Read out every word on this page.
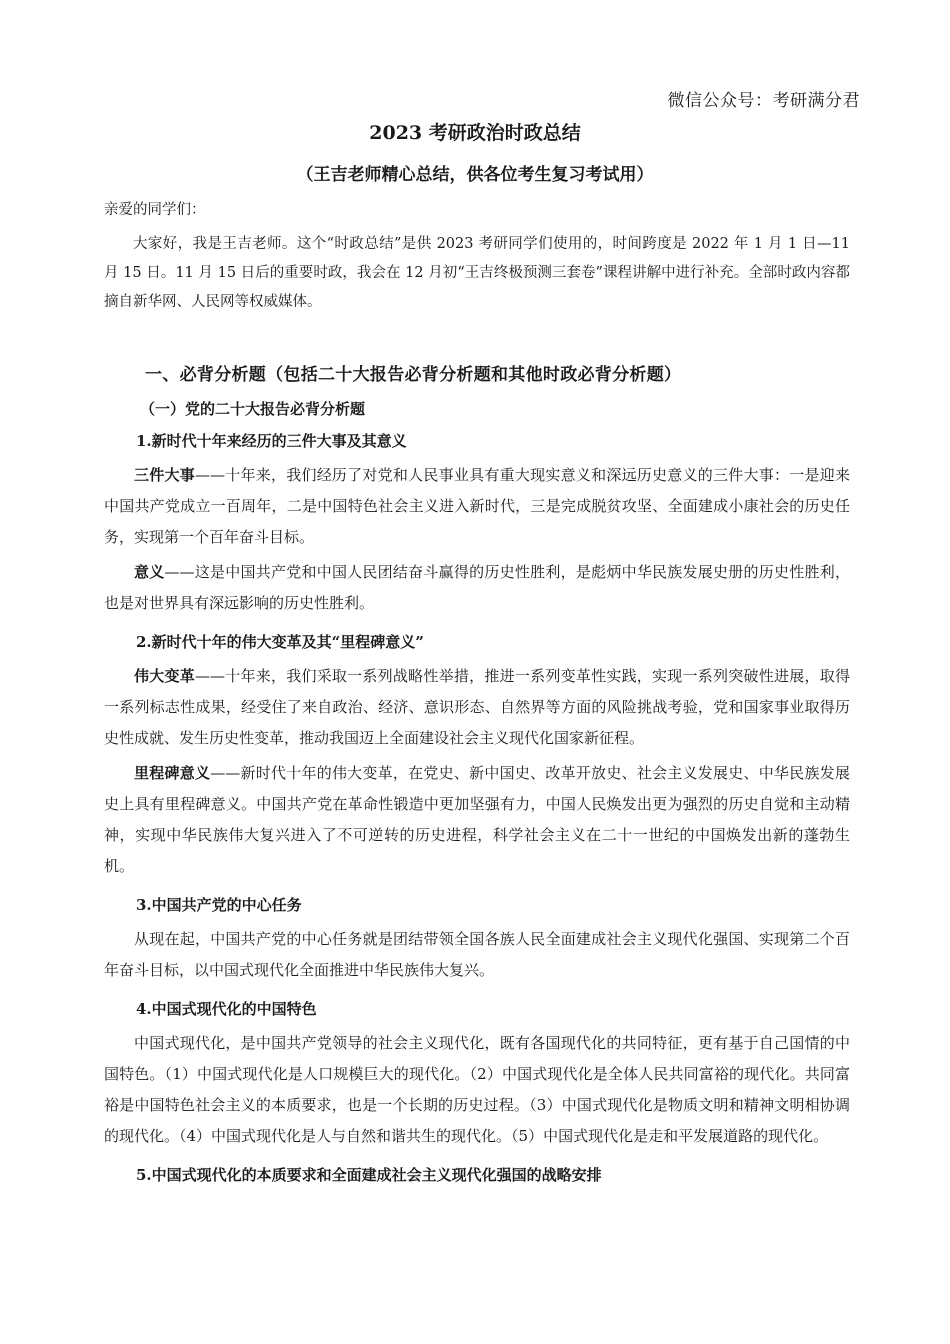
微信公众号：考研满分君
2023 考研政治时政总结
（王吉老师精心总结，供各位考生复习考试用）
亲爱的同学们：

大家好，我是王吉老师。这个“时政总结”是供 2023 考研同学们使用的，时间跨度是 2022 年 1 月 1 日—11 月 15 日。11 月 15 日后的重要时政，我会在 12 月初“王吉终极预测三套卷”课程讲解中进行补充。全部时政内容都摘自新华网、人民网等权威媒体。

一、必背分析题（包括二十大报告必背分析题和其他时政必背分析题）
（一）党的二十大报告必背分析题
1.新时代十年来经历的三件大事及其意义

三件大事——十年来，我们经历了对党和人民事业具有重大现实意义和深远历史意义的三件大事：一是迎来中国共产党成立一百周年，二是中国特色社会主义进入新时代，三是完成脱贫攻坚、全面建成小康社会的历史任务，实现第一个百年奋斗目标。

意义——这是中国共产党和中国人民团结奋斗赢得的历史性胜利，是彪炳中华民族发展史册的历史性胜利，也是对世界具有深远影响的历史性胜利。

2.新时代十年的伟大变革及其“里程碑意义”

伟大变革——十年来，我们采取一系列战略性举措，推进一系列变革性实践，实现一系列突破性进展，取得一系列标志性成果，经受住了来自政治、经济、意识形态、自然界等方面的风险挑战考验，党和国家事业取得历史性成就、发生历史性变革，推动我国迈上全面建设社会主义现代化国家新征程。

里程碑意义——新时代十年的伟大变革，在党史、新中国史、改革开放史、社会主义发展史、中华民族发展史上具有里程碑意义。中国共产党在革命性锻造中更加坚强有力，中国人民焕发出更为强烈的历史自觉和主动精神，实现中华民族伟大复兴进入了不可逆转的历史进程，科学社会主义在二十一世纪的中国焕发出新的蓬勃生机。

3.中国共产党的中心任务

从现在起，中国共产党的中心任务就是团结带领全国各族人民全面建成社会主义现代化强国、实现第二个百年奋斗目标，以中国式现代化全面推进中华民族伟大复兴。

4.中国式现代化的中国特色

中国式现代化，是中国共产党领导的社会主义现代化，既有各国现代化的共同特征，更有基于自己国情的中国特色。（1）中国式现代化是人口规模巨大的现代化。（2）中国式现代化是全体人民共同富裕的现代化。共同富裕是中国特色社会主义的本质要求，也是一个长期的历史过程。（3）中国式现代化是物质文明和精神文明相协调的现代化。（4）中国式现代化是人与自然和谐共生的现代化。（5）中国式现代化是走和平发展道路的现代化。

5.中国式现代化的本质要求和全面建成社会主义现代化强国的战略安排
